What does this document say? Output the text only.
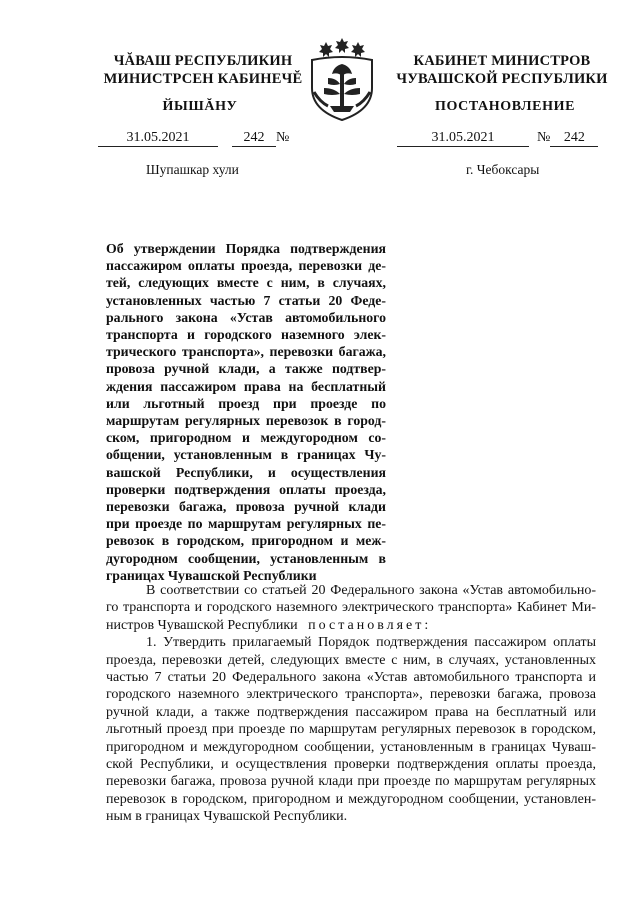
ЧĂВАШ РЕСПУБЛИКИН
МИНИСТРСЕН КАБИНЕЧĔ
КАБИНЕТ МИНИСТРОВ
ЧУВАШСКОЙ РЕСПУБЛИКИ
ЙЫШĂНУ	ПОСТАНОВЛЕНИЕ
31.05.2021	242 №
Шупашкар хули
31.05.2021	№ 242
г. Чебоксары
Об утверждении Порядка подтверждения
пассажиром оплаты проезда, перевозки де-
тей, следующих вместе с ним, в случаях,
установленных частью 7 статьи 20 Феде-
рального закона «Устав автомобильного
транспорта и городского наземного элек-
трического транспорта», перевозки багажа,
провоза ручной клади, а также подтвер-
ждения пассажиром права на бесплатный
или льготный проезд при проезде по
маршрутам регулярных перевозок в город-
ском, пригородном и междугородном со-
общении, установленным в границах Чу-
вашской Республики, и осуществления
проверки подтверждения оплаты проезда,
перевозки багажа, провоза ручной клади
при проезде по маршрутам регулярных пе-
ревозок в городском, пригородном и меж-
дугородном сообщении, установленным в
границах Чувашской Республики
В соответствии со статьей 20 Федерального закона «Устав автомобильно-
го транспорта и городского наземного электрического транспорта» Кабинет Ми-
нистров Чувашской Республики постановляет:
1. Утвердить прилагаемый Порядок подтверждения пассажиром оплаты
проезда, перевозки детей, следующих вместе с ним, в случаях, установленных
частью 7 статьи 20 Федерального закона «Устав автомобильного транспорта и
городского наземного электрического транспорта», перевозки багажа, провоза
ручной клади, а также подтверждения пассажиром права на бесплатный или
льготный проезд при проезде по маршрутам регулярных перевозок в городском,
пригородном и междугородном сообщении, установленным в границах Чуваш-
ской Республики, и осуществления проверки подтверждения оплаты проезда,
перевозки багажа, провоза ручной клади при проезде по маршрутам регулярных
перевозок в городском, пригородном и междугородном сообщении, установлен-
ным в границах Чувашской Республики.
